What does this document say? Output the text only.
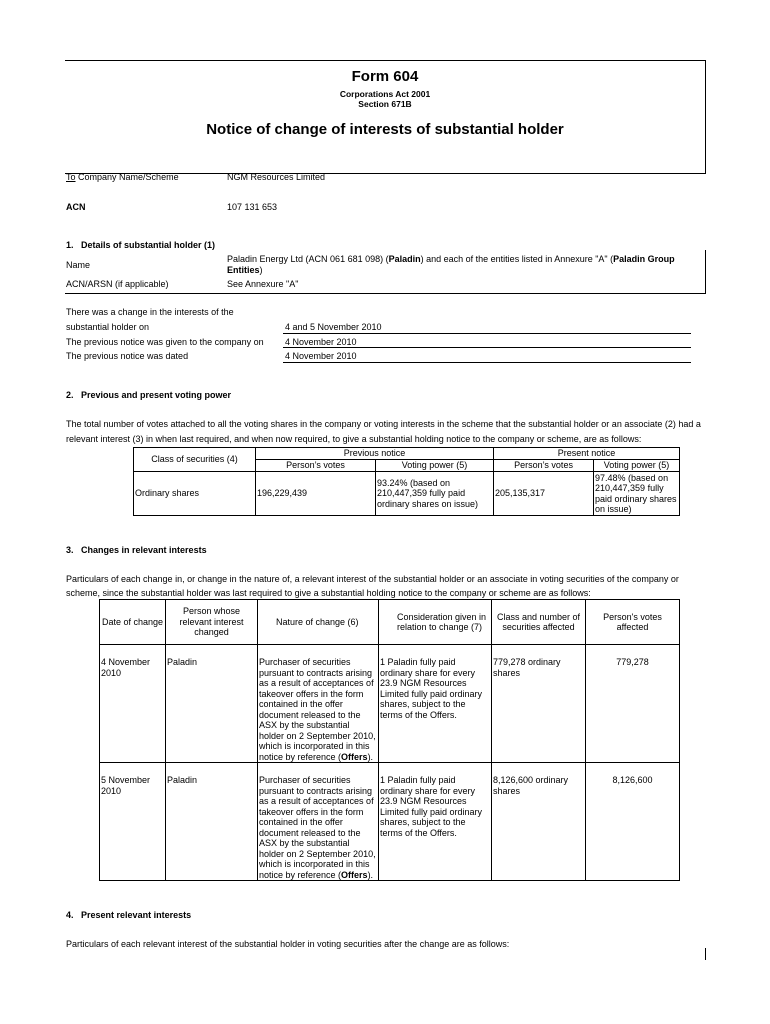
Form 604
Corporations Act 2001
Section 671B
Notice of change of interests of substantial holder
To Company Name/Scheme	NGM Resources Limited
ACN	107 131 653
1. Details of substantial holder (1)
Name
Paladin Energy Ltd (ACN 061 681 098) (Paladin) and each of the entities listed in Annexure "A" (Paladin Group
Entities)
ACN/ARSN (if applicable)	See Annexure "A"
There was a change in the interests of the
substantial holder on	4 and 5 November 2010
The previous notice was given to the company on 4 November 2010
The previous notice was dated	4 November 2010
2. Previous and present voting power
The total number of votes attached to all the voting shares in the company or voting interests in the scheme that the substantial holder or an associate (2) had a
relevant interest (3) in when last required, and when now required, to give a substantial holding notice to the company or scheme, are as follows:
Class of securities (4)	Previous notice		Present notice	
	Person’s votes	Voting power (5)	Person’s votes	Voting power (5)
Ordinary shares	196,229,439	93.24% (based on 210,447,359 fully paid ordinary shares on issue)	205,135,317	97.48% (based on 210,447,359 fully paid ordinary shares on issue)
3. Changes in relevant interests
Particulars of each change in, or change in the nature of, a relevant interest of the substantial holder or an associate in voting securities of the company or
scheme, since the substantial holder was last required to give a substantial holding notice to the company or scheme are as follows:
Date of change	Person whose relevant interest changed	Nature of change (6)	Consideration given in relation to change (7)	Class and number of securities affected	Person's votes affected
4 November 2010	Paladin	Purchaser of securities pursuant to contracts arising as a result of acceptances of takeover offers in the form contained in the offer document released to the ASX by the substantial holder on 2 September 2010, which is incorporated in this notice by reference (Offers).	1 Paladin fully paid ordinary share for every 23.9 NGM Resources Limited fully paid ordinary shares, subject to the terms of the Offers.	779,278 ordinary shares	779,278
5 November 2010	Paladin	Purchaser of securities pursuant to contracts arising as a result of acceptances of takeover offers in the form contained in the offer document released to the ASX by the substantial holder on 2 September 2010, which is incorporated in this notice by reference (Offers).	1 Paladin fully paid ordinary share for every 23.9 NGM Resources Limited fully paid ordinary shares, subject to the terms of the Offers.	8,126,600 ordinary shares	8,126,600
4. Present relevant interests
Particulars of each relevant interest of the substantial holder in voting securities after the change are as follows:
